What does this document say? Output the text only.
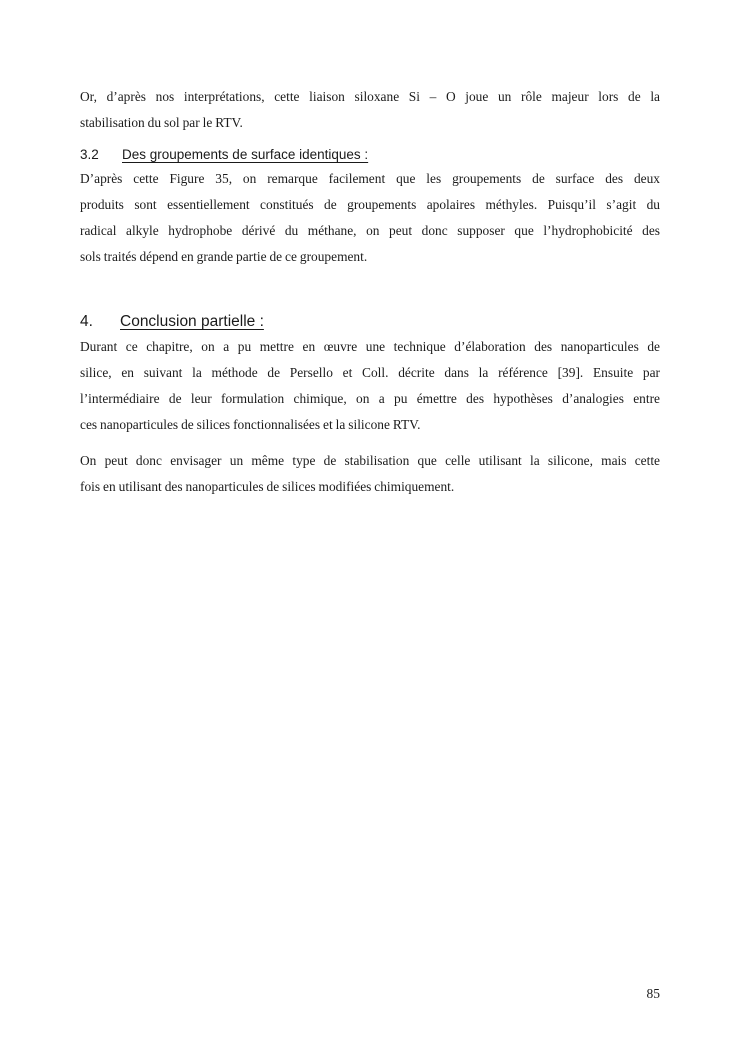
Or, d’après nos interprétations, cette liaison siloxane Si – O joue un rôle majeur lors de la
stabilisation du sol par le RTV.
3.2 Des groupements de surface identiques :
D’après cette Figure 35, on remarque facilement que les groupements de surface des deux
produits sont essentiellement constitués de groupements apolaires méthyles. Puisqu’il s’agit du
radical alkyle hydrophobe dérivé du méthane, on peut donc supposer que l’hydrophobicité des
sols traités dépend en grande partie de ce groupement.
4. Conclusion partielle :
Durant ce chapitre, on a pu mettre en œuvre une technique d’élaboration des nanoparticules de
silice, en suivant la méthode de Persello et Coll. décrite dans la référence [39]. Ensuite par
l’intermédiaire de leur formulation chimique, on a pu émettre des hypothèses d’analogies entre
ces nanoparticules de silices fonctionnalisées et la silicone RTV.
On peut donc envisager un même type de stabilisation que celle utilisant la silicone, mais cette
fois en utilisant des nanoparticules de silices modifiées chimiquement.
85
